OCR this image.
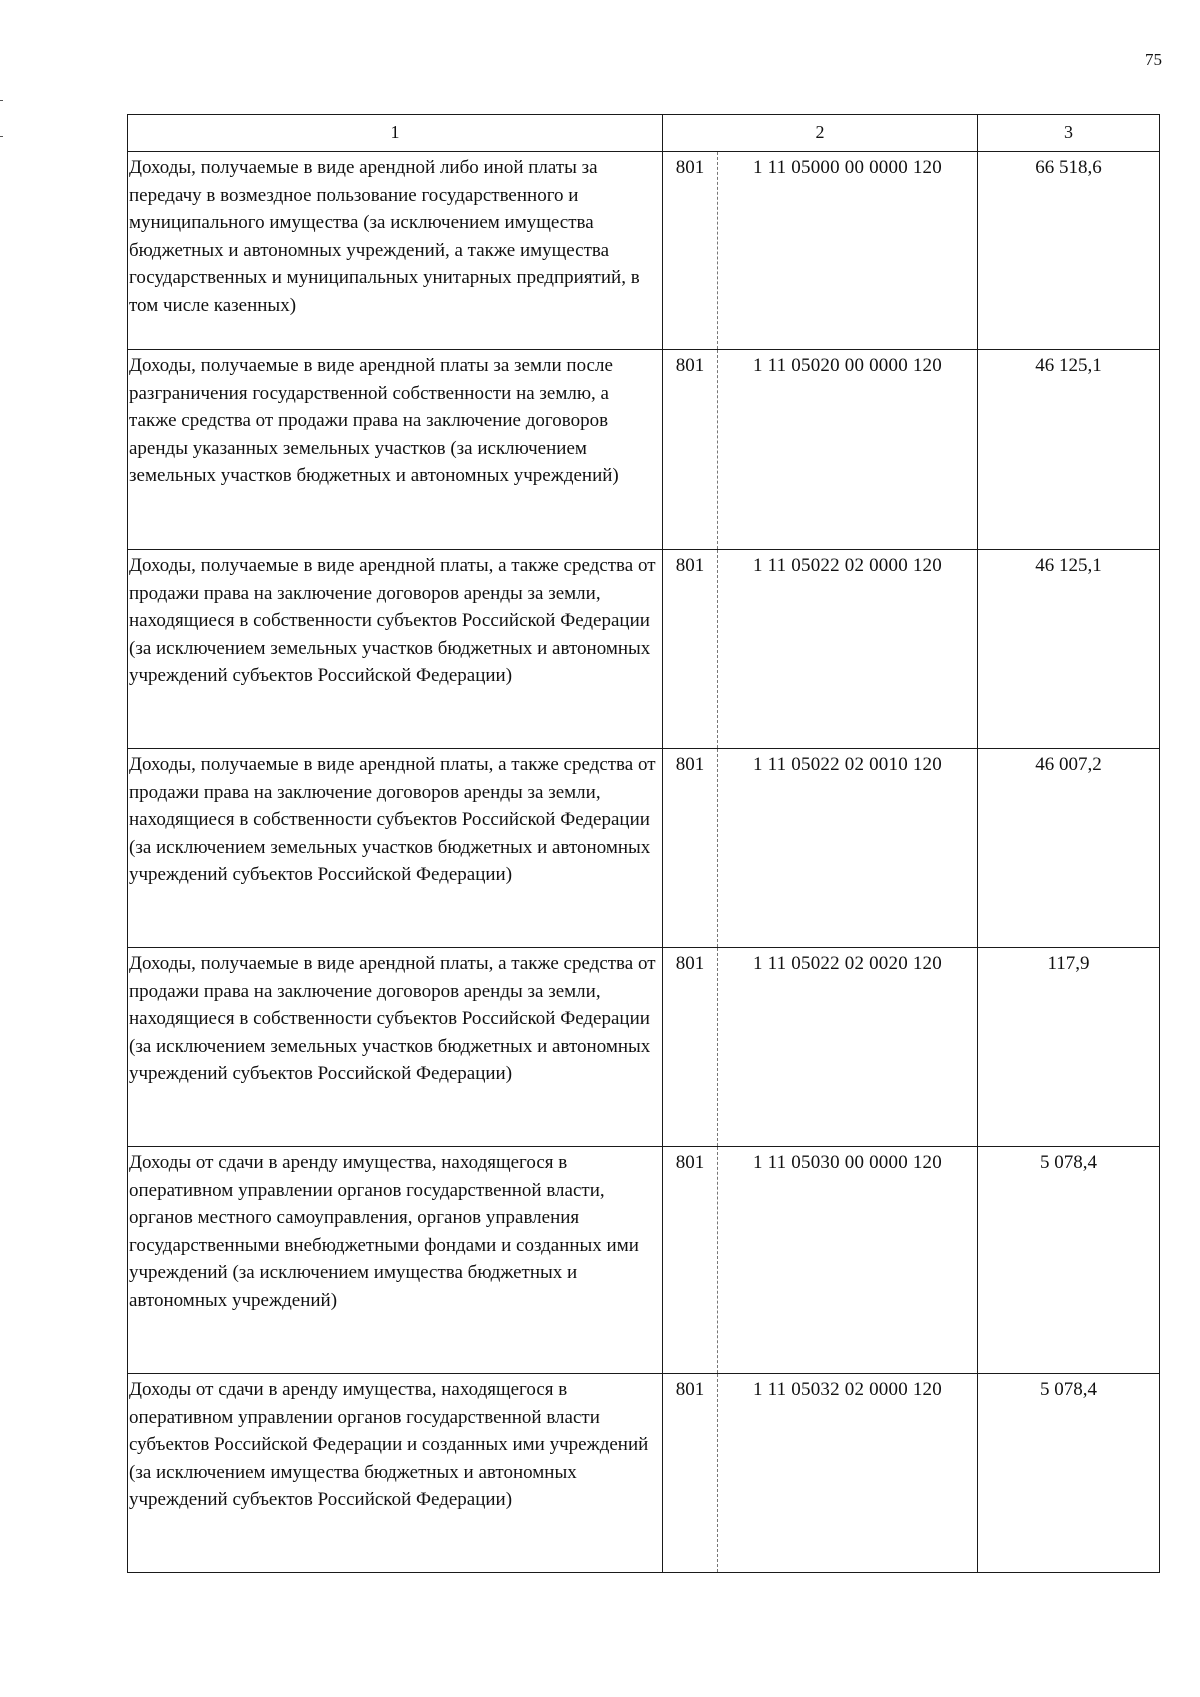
75
1	2		3
Доходы, получаемые в виде арендной либо иной платы за передачу в возмездное пользование государственного и муниципального имущества (за исключением имущества бюджетных и автономных учреждений, а также имущества государственных и муниципальных унитарных предприятий, в том числе казенных)	801	1 11 05000 00 0000 120	66 518,6
Доходы, получаемые в виде арендной платы за земли после разграничения государственной собственности на землю, а также средства от продажи права на заключение договоров аренды указанных земельных участков (за исключением земельных участков бюджетных и автономных учреждений)	801	1 11 05020 00 0000 120	46 125,1
Доходы, получаемые в виде арендной платы, а также средства от продажи права на заключение договоров аренды за земли, находящиеся в собственности субъектов Российской Федерации (за исключением земельных участков бюджетных и автономных учреждений субъектов Российской Федерации)	801	1 11 05022 02 0000 120	46 125,1
Доходы, получаемые в виде арендной платы, а также средства от продажи права на заключение договоров аренды за земли, находящиеся в собственности субъектов Российской Федерации (за исключением земельных участков бюджетных и автономных учреждений субъектов Российской Федерации)	801	1 11 05022 02 0010 120	46 007,2
Доходы, получаемые в виде арендной платы, а также средства от продажи права на заключение договоров аренды за земли, находящиеся в собственности субъектов Российской Федерации (за исключением земельных участков бюджетных и автономных учреждений субъектов Российской Федерации)	801	1 11 05022 02 0020 120	117,9
Доходы от сдачи в аренду имущества, находящегося в оперативном управлении органов государственной власти, органов местного самоуправления, органов управления государственными внебюджетными фондами и созданных ими учреждений (за исключением имущества бюджетных и автономных учреждений)	801	1 11 05030 00 0000 120	5 078,4
Доходы от сдачи в аренду имущества, находящегося в оперативном управлении органов государственной власти субъектов Российской Федерации и созданных ими учреждений (за исключением имущества бюджетных и автономных учреждений субъектов Российской Федерации)	801	1 11 05032 02 0000 120	5 078,4
